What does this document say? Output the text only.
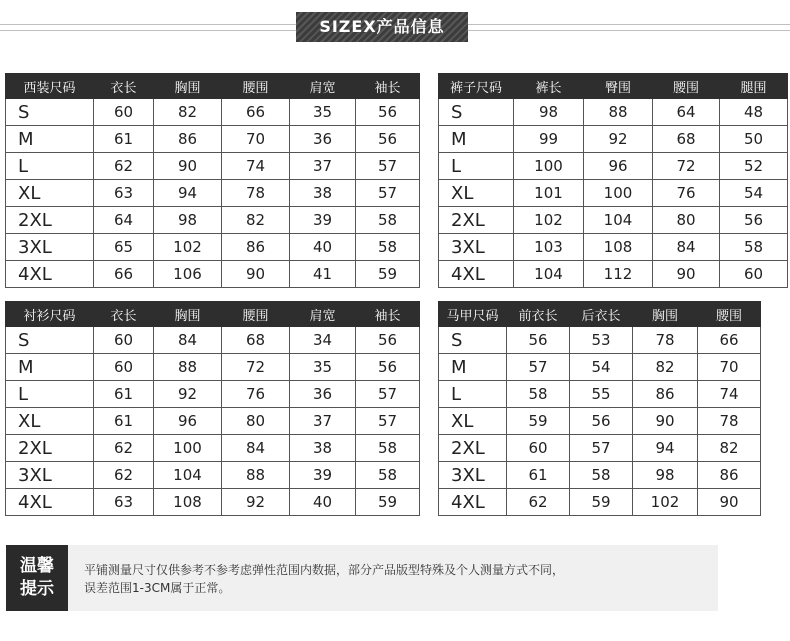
SIZEX产品信息
西装尺码	衣长	胸围	腰围	肩宽	袖长
S	60	82	66	35	56
M	61	86	70	36	56
L	62	90	74	37	57
XL	63	94	78	38	57
2XL	64	98	82	39	58
3XL	65	102	86	40	58
4XL	66	106	90	41	59
裤子尺码	裤长	臀围	腰围	腿围
S	98	88	64	48
M	99	92	68	50
L	100	96	72	52
XL	101	100	76	54
2XL	102	104	80	56
3XL	103	108	84	58
4XL	104	112	90	60
衬衫尺码	衣长	胸围	腰围	肩宽	袖长
S	60	84	68	34	56
M	60	88	72	35	56
L	61	92	76	36	57
XL	61	96	80	37	57
2XL	62	100	84	38	58
3XL	62	104	88	39	58
4XL	63	108	92	40	59
马甲尺码	前衣长	后衣长	胸围	腰围
S	56	53	78	66
M	57	54	82	70
L	58	55	86	74
XL	59	56	90	78
2XL	60	57	94	82
3XL	61	58	98	86
4XL	62	59	102	90
温馨
提示
平铺测量尺寸仅供参考不参考虑弹性范围内数据，部分产品版型特殊及个人测量方式不同，
误差范围1-3CM属于正常。
